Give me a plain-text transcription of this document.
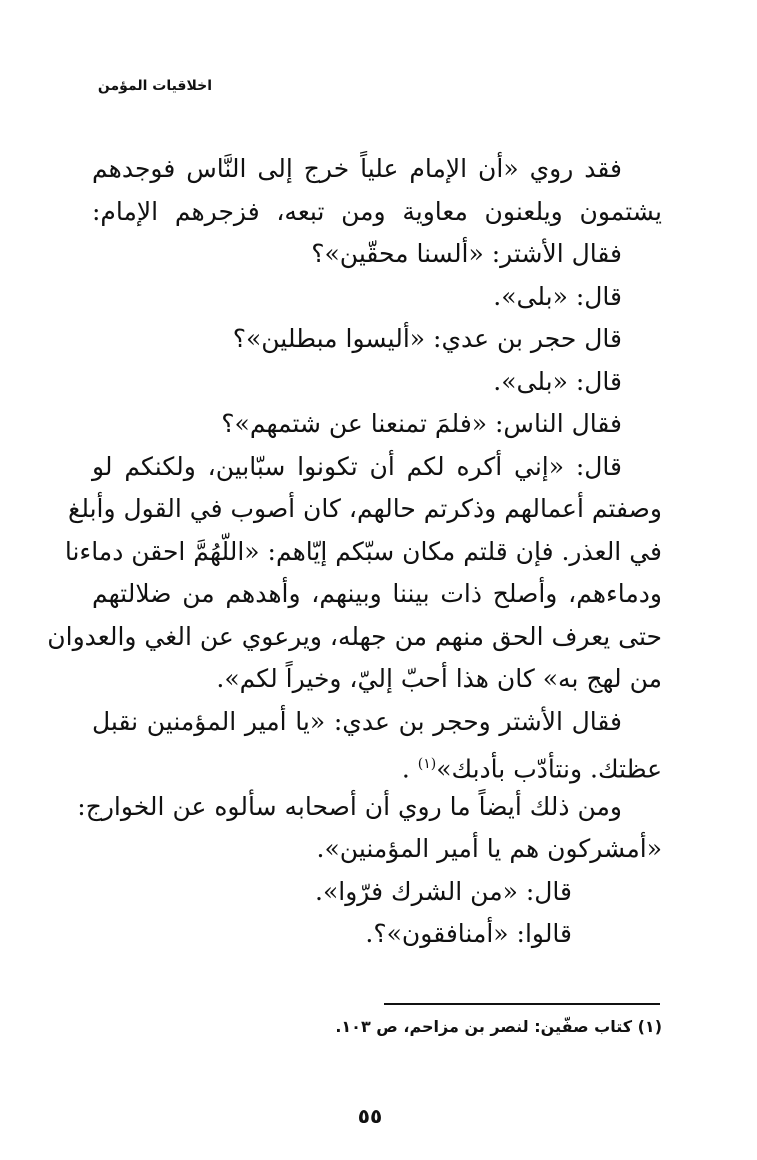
اخلاقيات المؤمن
فقد روي «أن الإمام علياً خرج إلى النَّاس فوجدهم
يشتمون ويلعنون معاوية ومن تبعه، فزجرهم الإمام:
فقال الأشتر: «ألسنا محقّين»؟
قال: «بلى».
قال حجر بن عدي: «أليسوا مبطلين»؟
قال: «بلى».
فقال الناس: «فلمَ تمنعنا عن شتمهم»؟
قال: «إني أكره لكم أن تكونوا سبّابين، ولكنكم لو
وصفتم أعمالهم وذكرتم حالهم، كان أصوب في القول وأبلغ
في العذر. فإن قلتم مكان سبّكم إيّاهم: «اللّهُمَّ احقن دماءنا
ودماءهم، وأصلح ذات بيننا وبينهم، وأهدهم من ضلالتهم
حتى يعرف الحق منهم من جهله، ويرعوي عن الغي والعدوان
من لهج به» كان هذا أحبّ إليّ، وخيراً لكم».
فقال الأشتر وحجر بن عدي: «يا أمير المؤمنين نقبل
عظتك. ونتأدّب بأدبك»$^{(١)}$ .
ومن ذلك أيضاً ما روي أن أصحابه سألوه عن الخوارج:
«أمشركون هم يا أمير المؤمنين».
قال: «من الشرك فرّوا».
قالوا: «أمنافقون»؟.
(١) كتاب صفّين: لنصر بن مزاحم، ص ١٠٣.
٥٥
